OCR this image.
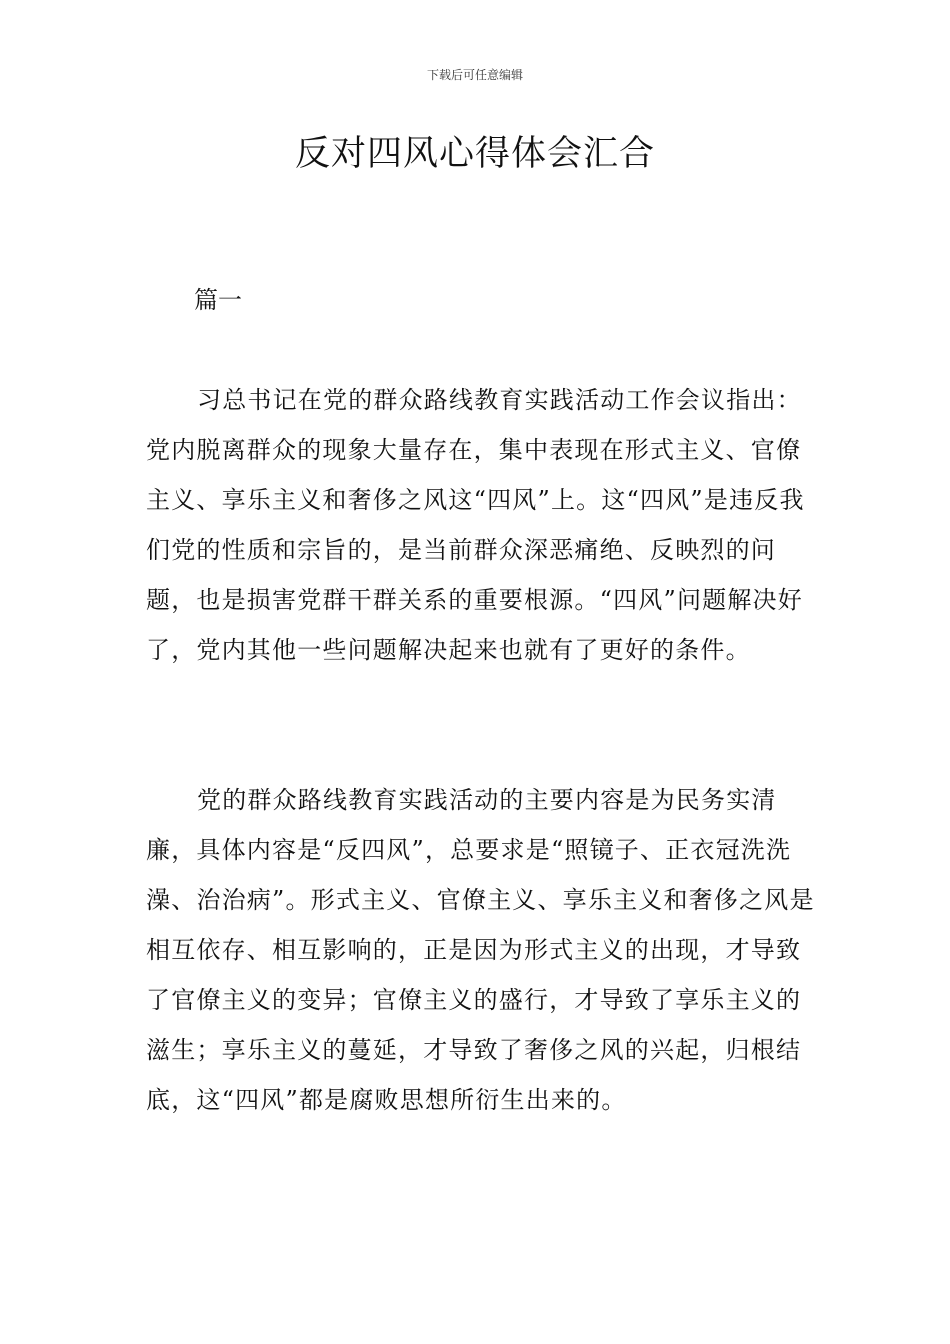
下载后可任意编辑
反对四风心得体会汇合
篇一

习总书记在党的群众路线教育实践活动工作会议指出：党内脱离群众的现象大量存在，集中表现在形式主义、官僚主义、享乐主义和奢侈之风这“四风”上。这“四风”是违反我们党的性质和宗旨的，是当前群众深恶痛绝、反映烈的问题，也是损害党群干群关系的重要根源。“四风”问题解决好了，党内其他一些问题解决起来也就有了更好的条件。

党的群众路线教育实践活动的主要内容是为民务实清廉，具体内容是“反四风”，总要求是“照镜子、正衣冠洗洗澡、治治病”。形式主义、官僚主义、享乐主义和奢侈之风是相互依存、相互影响的，正是因为形式主义的出现，才导致了官僚主义的变异；官僚主义的盛行，才导致了享乐主义的滋生；享乐主义的蔓延，才导致了奢侈之风的兴起，归根结底，这“四风”都是腐败思想所衍生出来的。
